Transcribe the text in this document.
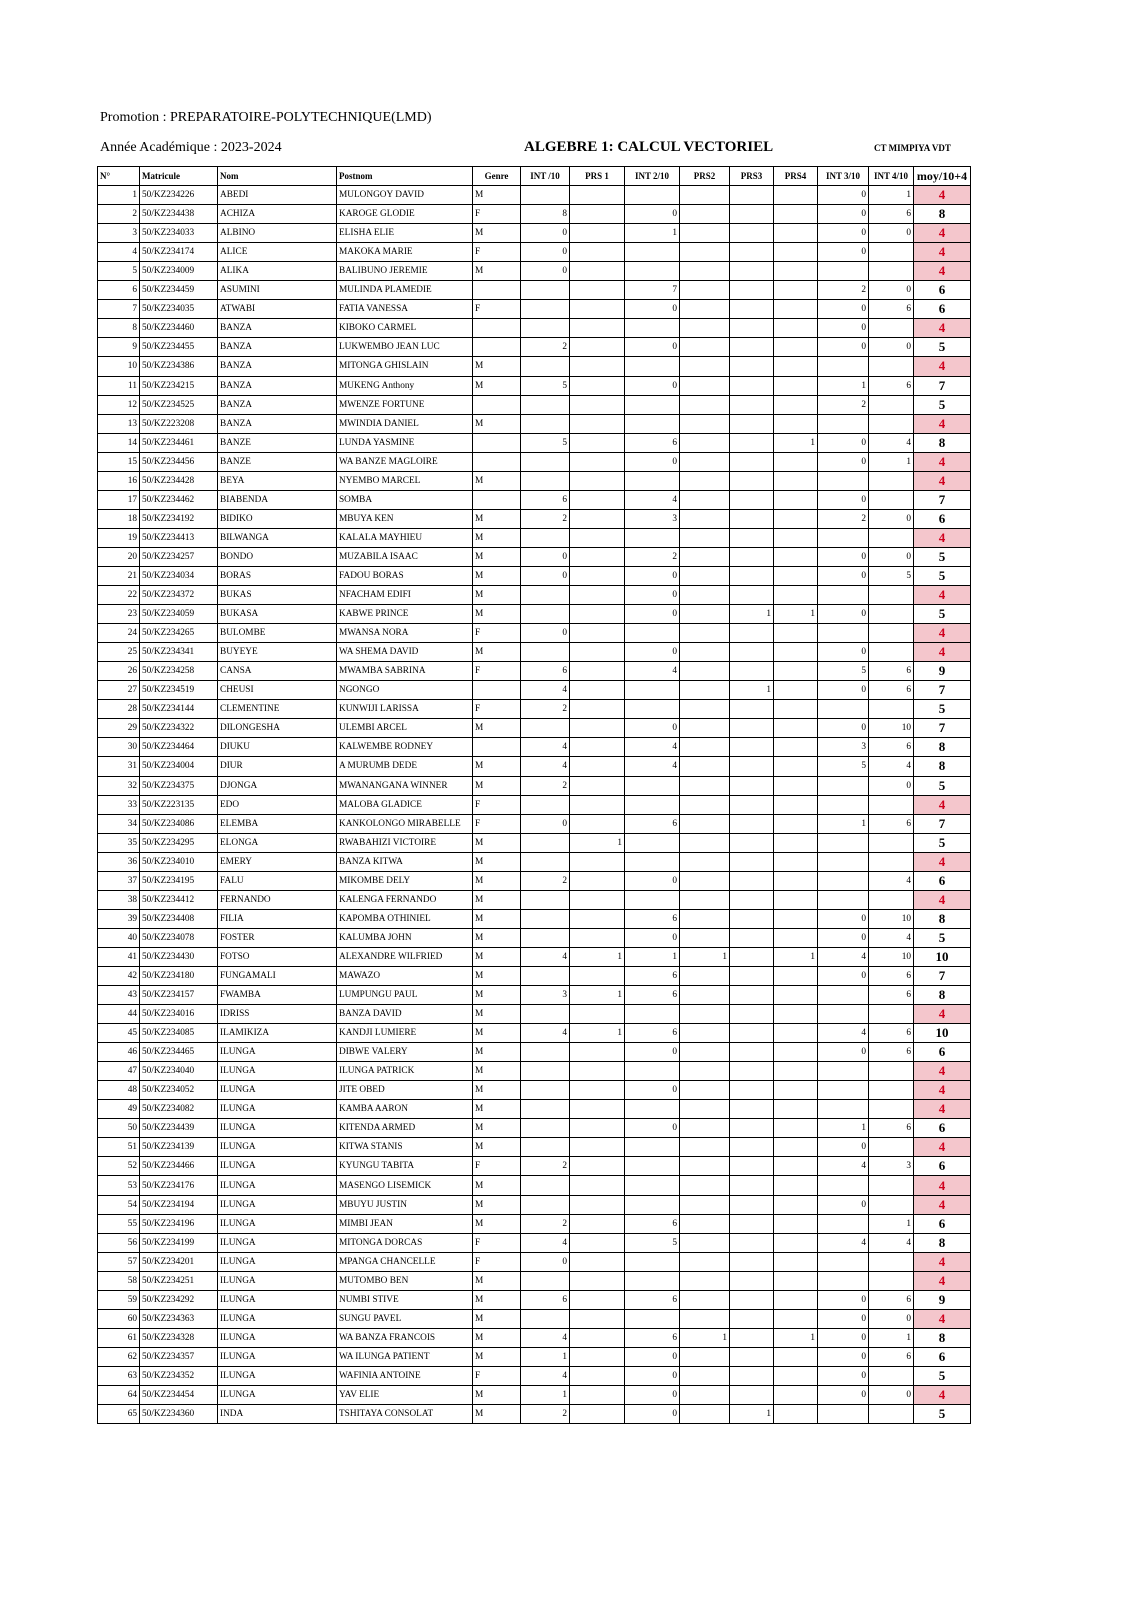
Promotion : PREPARATOIRE-POLYTECHNIQUE(LMD)
Année Académique : 2023-2024	ALGEBRE 1: CALCUL VECTORIEL	CT MIMPIYA VDT
N°	Matricule	Nom	Postnom	Genre	INT /10	PRS 1	INT 2/10	PRS2	PRS3	PRS4	INT 3/10	INT 4/10	moy/10+4
1	50/KZ234226	ABEDI	MULONGOY DAVID	M							0	1	4
2	50/KZ234438	ACHIZA	KAROGE GLODIE	F	8		0				0	6	8
3	50/KZ234033	ALBINO	ELISHA ELIE	M	0		1				0	0	4
4	50/KZ234174	ALICE	MAKOKA MARIE	F	0						0		4
5	50/KZ234009	ALIKA	BALIBUNO JEREMIE	M	0								4
6	50/KZ234459	ASUMINI	MULINDA PLAMEDIE				7				2	0	6
7	50/KZ234035	ATWABI	FATIA VANESSA	F			0				0	6	6
8	50/KZ234460	BANZA	KIBOKO CARMEL								0		4
9	50/KZ234455	BANZA	LUKWEMBO JEAN LUC		2		0				0	0	5
10	50/KZ234386	BANZA	MITONGA GHISLAIN	M									4
11	50/KZ234215	BANZA	MUKENG Anthony	M	5		0				1	6	7
12	50/KZ234525	BANZA	MWENZE FORTUNE								2		5
13	50/KZ223208	BANZA	MWINDIA DANIEL	M									4
14	50/KZ234461	BANZE	LUNDA YASMINE		5		6			1	0	4	8
15	50/KZ234456	BANZE	WA BANZE MAGLOIRE				0				0	1	4
16	50/KZ234428	BEYA	NYEMBO MARCEL	M									4
17	50/KZ234462	BIABENDA	SOMBA		6		4				0		7
18	50/KZ234192	BIDIKO	MBUYA KEN	M	2		3				2	0	6
19	50/KZ234413	BILWANGA	KALALA MAYHIEU	M									4
20	50/KZ234257	BONDO	MUZABILA ISAAC	M	0		2				0	0	5
21	50/KZ234034	BORAS	FADOU BORAS	M	0		0				0	5	5
22	50/KZ234372	BUKAS	NFACHAM EDIFI	M			0						4
23	50/KZ234059	BUKASA	KABWE PRINCE	M			0		1	1	0		5
24	50/KZ234265	BULOMBE	MWANSA NORA	F	0								4
25	50/KZ234341	BUYEYE	WA SHEMA DAVID	M			0				0		4
26	50/KZ234258	CANSA	MWAMBA SABRINA	F	6		4				5	6	9
27	50/KZ234519	CHEUSI	NGONGO		4				1		0	6	7
28	50/KZ234144	CLEMENTINE	KUNWIJI LARISSA	F	2								5
29	50/KZ234322	DILONGESHA	ULEMBI ARCEL	M			0				0	10	7
30	50/KZ234464	DIUKU	KALWEMBE RODNEY		4		4				3	6	8
31	50/KZ234004	DIUR	A MURUMB DEDE	M	4		4				5	4	8
32	50/KZ234375	DJONGA	MWANANGANA WINNER	M	2							0	5
33	50/KZ223135	EDO	MALOBA GLADICE	F									4
34	50/KZ234086	ELEMBA	KANKOLONGO MIRABELLE	F	0		6				1	6	7
35	50/KZ234295	ELONGA	RWABAHIZI VICTOIRE	M		1							5
36	50/KZ234010	EMERY	BANZA KITWA	M									4
37	50/KZ234195	FALU	MIKOMBE DELY	M	2		0					4	6
38	50/KZ234412	FERNANDO	KALENGA FERNANDO	M									4
39	50/KZ234408	FILIA	KAPOMBA OTHINIEL	M			6				0	10	8
40	50/KZ234078	FOSTER	KALUMBA JOHN	M			0				0	4	5
41	50/KZ234430	FOTSO	ALEXANDRE WILFRIED	M	4	1	1	1		1	4	10	10
42	50/KZ234180	FUNGAMALI	MAWAZO	M			6				0	6	7
43	50/KZ234157	FWAMBA	LUMPUNGU PAUL	M	3	1	6					6	8
44	50/KZ234016	IDRISS	BANZA DAVID	M									4
45	50/KZ234085	ILAMIKIZA	KANDJI LUMIERE	M	4	1	6				4	6	10
46	50/KZ234465	ILUNGA	DIBWE VALERY	M			0				0	6	6
47	50/KZ234040	ILUNGA	ILUNGA PATRICK	M									4
48	50/KZ234052	ILUNGA	JITE OBED	M			0						4
49	50/KZ234082	ILUNGA	KAMBA AARON	M									4
50	50/KZ234439	ILUNGA	KITENDA ARMED	M			0				1	6	6
51	50/KZ234139	ILUNGA	KITWA STANIS	M							0		4
52	50/KZ234466	ILUNGA	KYUNGU TABITA	F	2						4	3	6
53	50/KZ234176	ILUNGA	MASENGO LISEMICK	M									4
54	50/KZ234194	ILUNGA	MBUYU JUSTIN	M							0		4
55	50/KZ234196	ILUNGA	MIMBI JEAN	M	2		6					1	6
56	50/KZ234199	ILUNGA	MITONGA DORCAS	F	4		5				4	4	8
57	50/KZ234201	ILUNGA	MPANGA CHANCELLE	F	0								4
58	50/KZ234251	ILUNGA	MUTOMBO BEN	M									4
59	50/KZ234292	ILUNGA	NUMBI STIVE	M	6		6				0	6	9
60	50/KZ234363	ILUNGA	SUNGU PAVEL	M							0	0	4
61	50/KZ234328	ILUNGA	WA BANZA FRANCOIS	M	4		6	1		1	0	1	8
62	50/KZ234357	ILUNGA	WA ILUNGA PATIENT	M	1		0				0	6	6
63	50/KZ234352	ILUNGA	WAFINIA ANTOINE	F	4		0				0		5
64	50/KZ234454	ILUNGA	YAV ELIE	M	1		0				0	0	4
65	50/KZ234360	INDA	TSHITAYA CONSOLAT	M	2		0		1				5
